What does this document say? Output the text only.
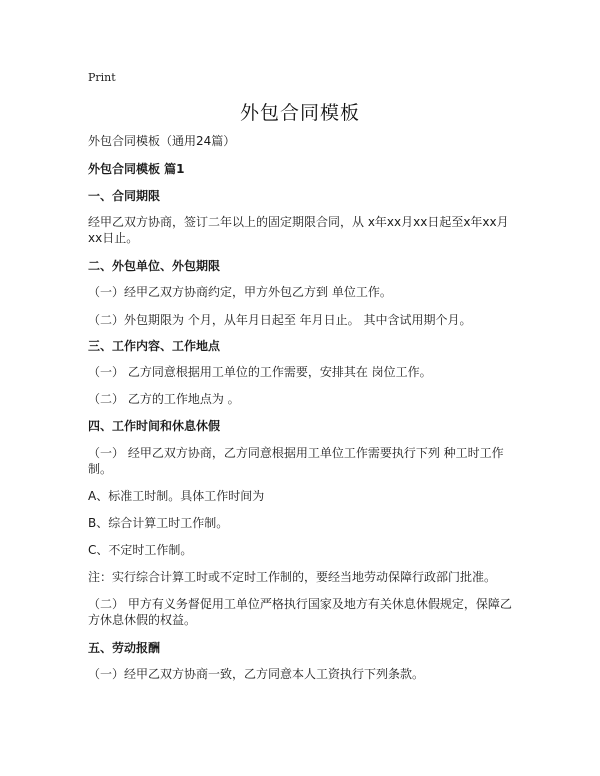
Print
外包合同模板
外包合同模板（通用24篇）
外包合同模板 篇1
一、合同期限
经甲乙双方协商，签订二年以上的固定期限合同，从 x年xx月xx日起至x年xx月xx日止。
二、外包单位、外包期限
（一）经甲乙双方协商约定，甲方外包乙方到 单位工作。
（二）外包期限为 个月，从年月日起至 年月日止。 其中含试用期个月。
三、工作内容、工作地点
（一） 乙方同意根据用工单位的工作需要，安排其在 岗位工作。
（二） 乙方的工作地点为 。
四、工作时间和休息休假
（一） 经甲乙双方协商，乙方同意根据用工单位工作需要执行下列 种工时工作制。
A、标准工时制。具体工作时间为
B、综合计算工时工作制。
C、不定时工作制。
注：实行综合计算工时或不定时工作制的，要经当地劳动保障行政部门批准。
（二） 甲方有义务督促用工单位严格执行国家及地方有关休息休假规定，保障乙方休息休假的权益。
五、劳动报酬
（一）经甲乙双方协商一致，乙方同意本人工资执行下列条款。
